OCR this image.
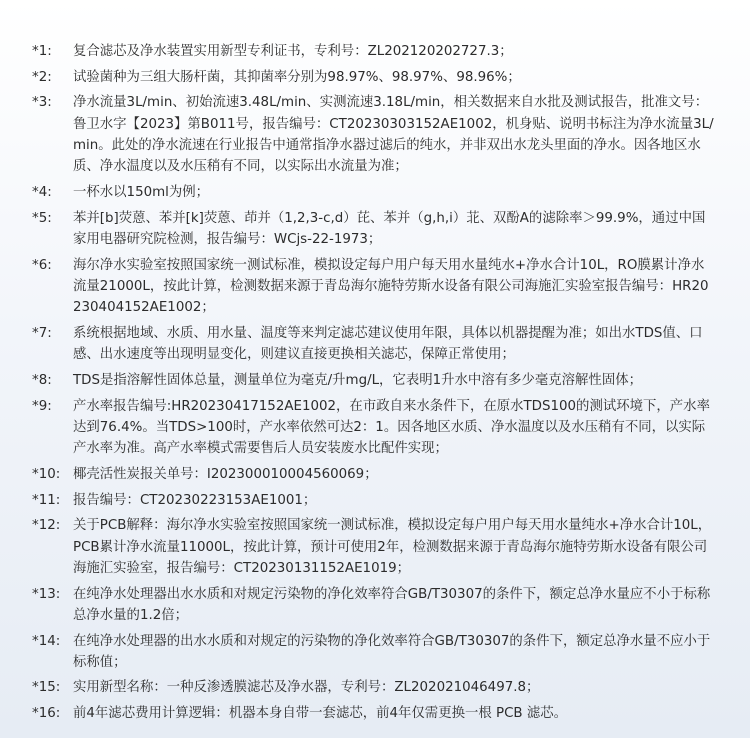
*1: 复合滤芯及净水装置实用新型专利证书，专利号：ZL202120202727.3；
*2: 试验菌种为三组大肠杆菌，其抑菌率分别为98.97%、98.97%、98.96%；
*3: 净水流量3L/min、初始流速3.48L/min、实测流速3.18L/min，相关数据来自水批及测试报告，批准文号：鲁卫水字【2023】第B011号，报告编号：CT20230303152AE1002，机身贴、说明书标注为净水流量3L/min。此处的净水流速在行业报告中通常指净水器过滤后的纯水，并非双出水龙头里面的净水。因各地区水质、净水温度以及水压稍有不同，以实际出水流量为准；
*4: 一杯水以150ml为例；
*5: 苯并[b]荧蒽、苯并[k]荧蒽、茚并（1,2,3-c,d）芘、苯并（g,h,i）苝、双酚A的滤除率＞99.9%，通过中国家用电器研究院检测，报告编号：WCjs-22-1973；
*6: 海尔净水实验室按照国家统一测试标准，模拟设定每户用户每天用水量纯水+净水合计10L，RO膜累计净水流量21000L，按此计算，检测数据来源于青岛海尔施特劳斯水设备有限公司海施汇实验室报告编号：HR20230404152AE1002；
*7: 系统根据地域、水质、用水量、温度等来判定滤芯建议使用年限，具体以机器提醒为准；如出水TDS值、口感、出水速度等出现明显变化，则建议直接更换相关滤芯，保障正常使用；
*8: TDS是指溶解性固体总量，测量单位为毫克/升mg/L，它表明1升水中溶有多少毫克溶解性固体；
*9: 产水率报告编号:HR20230417152AE1002，在市政自来水条件下，在原水TDS100的测试环境下，产水率达到76.4%。当TDS>100时，产水率依然可达2：1。因各地区水质、净水温度以及水压稍有不同，以实际产水率为准。高产水率模式需要售后人员安装废水比配件实现；
*10: 椰壳活性炭报关单号：I202300010004560069；
*11: 报告编号：CT20230223153AE1001；
*12: 关于PCB解释：海尔净水实验室按照国家统一测试标准，模拟设定每户用户每天用水量纯水+净水合计10L，PCB累计净水流量11000L，按此计算，预计可使用2年，检测数据来源于青岛海尔施特劳斯水设备有限公司海施汇实验室，报告编号：CT20230131152AE1019；
*13: 在纯净水处理器出水水质和对规定污染物的净化效率符合GB/T30307的条件下，额定总净水量应不小于标称总净水量的1.2倍；
*14: 在纯净水处理器的出水水质和对规定的污染物的净化效率符合GB/T30307的条件下，额定总净水量不应小于标称值；
*15: 实用新型名称：一种反渗透膜滤芯及净水器，专利号：ZL202021046497.8；
*16: 前4年滤芯费用计算逻辑：机器本身自带一套滤芯，前4年仅需更换一根 PCB 滤芯。
